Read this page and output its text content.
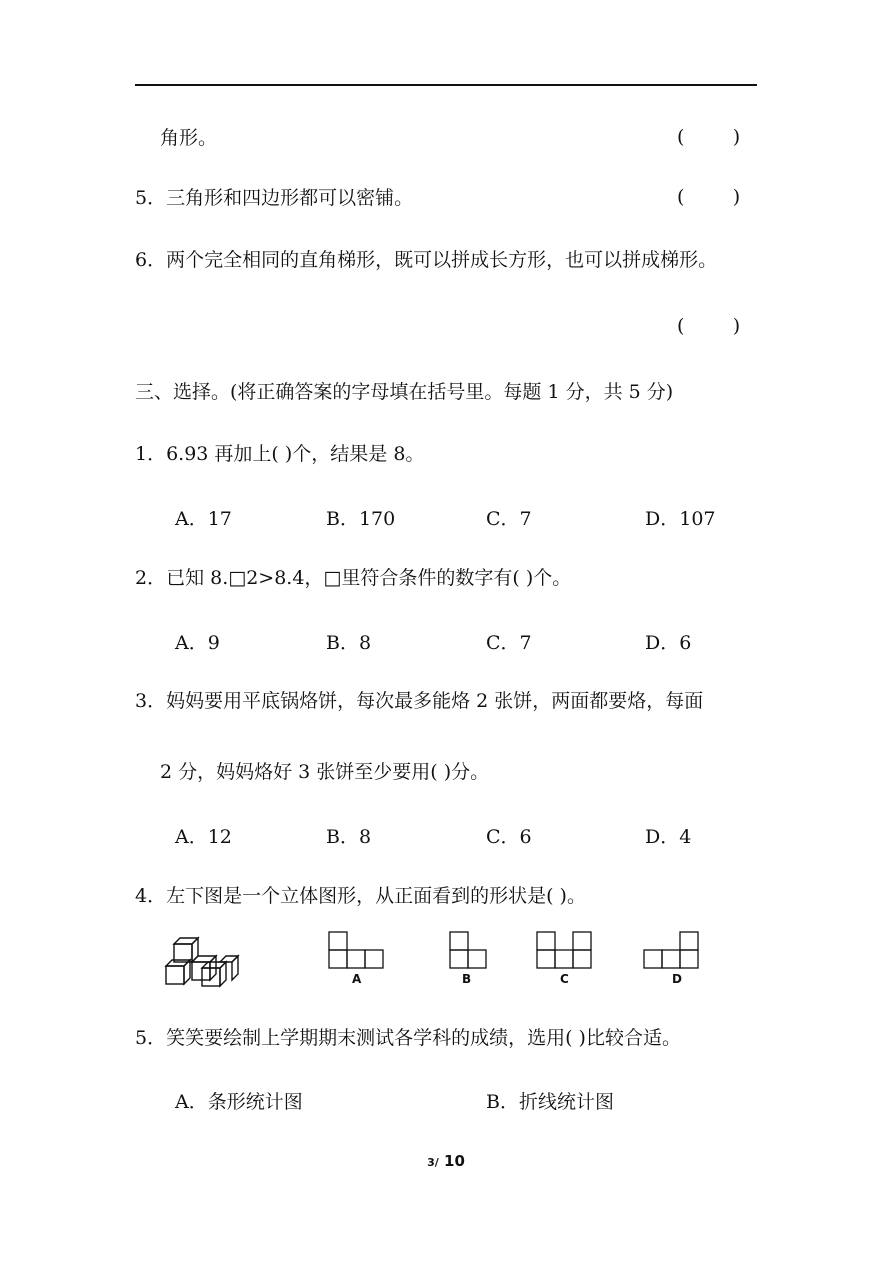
角形。	(        )
5．三角形和四边形都可以密铺。	(        )
6．两个完全相同的直角梯形，既可以拼成长方形，也可以拼成梯形。
(        )
三、选择。(将正确答案的字母填在括号里。每题 1 分，共 5 分)
1．6.93 再加上( )个，结果是 8。
A．17	B．170	C．7	D．107
2．已知 8.□2>8.4，□里符合条件的数字有( )个。
A．9	B．8	C．7	D．6
3．妈妈要用平底锅烙饼，每次最多能烙 2 张饼，两面都要烙，每面
2 分，妈妈烙好 3 张饼至少要用( )分。
A．12	B．8	C．6	D．4
4．左下图是一个立体图形，从正面看到的形状是( )。
A	B	C	D
5．笑笑要绘制上学期期末测试各学科的成绩，选用( )比较合适。
A．条形统计图	B．折线统计图
3/ 10
